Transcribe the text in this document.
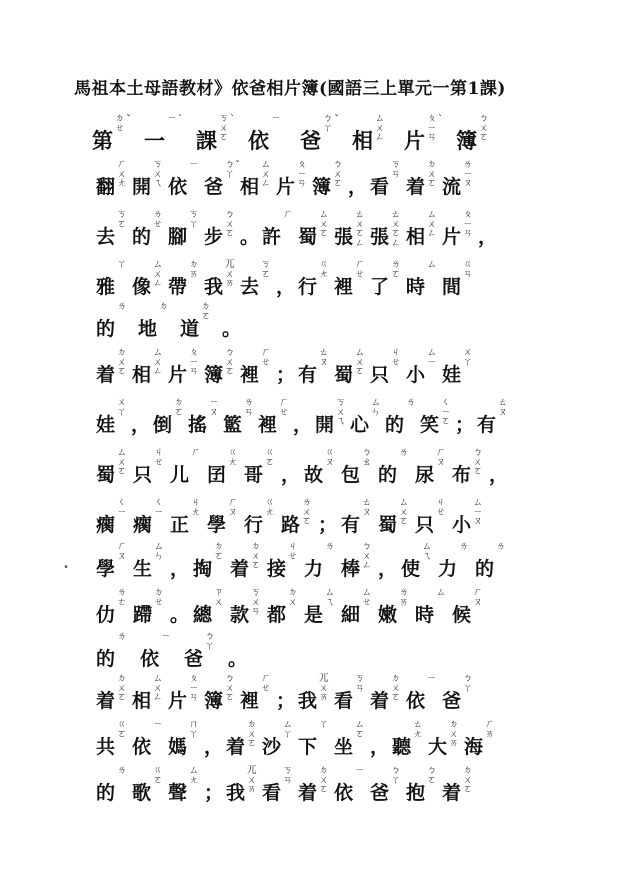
馬祖本土母語教材》依爸相片簿(國語三上單元一第1課)
第
ㄉ
ㄝ
ˇ
一
ㄧ ˋ
課
ㄎ
ㄨ
ㄛ
ˋ
依
ㄧ
爸
ㄅ
ㄚ
ˇ
相
ㄙ
ㄨ
ㄥ 片
ㄆ
ㄧ
ㄢ
ˋ
簿
ㄅ
ㄨ
ㄛ
翻
ㄏ
ㄨ
ㄤ 開
ㄎ
ㄨ
ㄟ 依
ㄧ
爸
ㄅ
ㄚ
ˇ
相
ㄙ
ㄨ
ㄥ 片
ㄆ
ㄧ
ㄢ 簿
ㄅ
ㄨ
ㄛ ， 看
ㄎ
ㄢ
着
ㄉ
ㄨ
ㄛ 流
ㄌ
ㄧ
ㄡ
去
ㄎ
ㄛ
的
ㄌ
ㄝ
腳
ㄎ
ㄚ
步
ㄅ
ㄨ
ㄛ 。 許
ㄏ
蜀
ㄙ
ㄨ
ㄛ 張
ㄊ
ㄨ
ㄛ
ㄥ 張
ㄊ
ㄨ
ㄛ
ㄥ 相
ㄙ
ㄨ
ㄥ 片
ㄆ
ㄧ
ㄢ ，
雅
ㄚ
像
ㄙ
ㄨ
ㄥ 帶
ㄉ
ㄞ
我
ㄫ
ㄨ
ㄞ 去
ㄎ
ㄛ
， 行
ㄍ
ㄤ
裡
ㄏ
ㄝ
了
ㄌ
ㄛ
時
ㄙ
間
ㄍ
ㄢ
的
ㄌ
地
ㄉ
道
ㄉ
ㄛ
。
着
ㄉ
ㄨ
ㄛ 相
ㄙ
ㄨ
ㄥ 片
ㄆ
ㄧ
ㄢ 簿
ㄅ
ㄨ
ㄛ 裡
ㄏ
ㄝ
； 有
ㄊ
ㄡ
蜀
ㄙ
ㄨ
ㄛ 只
ㄐ
ㄝ
小
ㄙ
ㄧ
娃
ㄨ
ㄚ
娃
ㄨ
ㄚ
， 倒
ㄉ
ㄛ
搖
ㄧ
ㄡ
籃
ㄌ
ㄢ
裡
ㄏ
ㄝ
， 開
ㄎ
ㄨ
ㄟ 心
ㄙ
ㄣ
的
ㄌ
笑
ㄑ
ㄧ
ㄛ ； 有
ㄊ
ㄡ
蜀
ㄙ
ㄨ
ㄛ 只
ㄐ
ㄝ
儿
ㄏ
囝
ㄍ
ㄤ
哥
ㄍ
ㄛ
， 故
ㄍ
ㄡ
包
ㄅ
ㄠ
的
ㄌ
尿
ㄏ
ㄡ
布
ㄅ
ㄨ
ㄛ ，
瘸
ㄑ
ㄧ
瘸
ㄑ
ㄧ
正
ㄐ
ㄤ
學
ㄏ
ㄡ
行
ㄍ
ㄤ
路
ㄌ
ㄨ
ㄛ ； 有
ㄊ
ㄡ
蜀
ㄙ
ㄨ
ㄛ 只
ㄐ
ㄝ
小
ㄙ
ㄧ
ㄡ
學
ㄏ
ㄡ
生
ㄙ
ㄣ
， 掏
ㄉ
ㄛ
着
ㄉ
ㄨ
ㄛ 接
ㄐ
ㄝ
力
ㄌ
棒
ㄅ
ㄨ
ㄥ ， 使
ㄙ
ㄟ
力
ㄌ
的
ㄌ
仂
ㄌ
ㄜ
蹛
ㄉ
ㄝ
。 總
ㄗ
ㄨ
款
ㄎ
ㄨ
ㄢ 都
ㄉ
ㄨ
是
ㄙ
ㄟ
細
ㄙ
ㄝ
嫩
ㄌ
ㄞ
時
ㄙ
候
ㄏ
ㄡ
的
ㄌ
依
ㄧ
爸
ㄅ
ㄚ
。
着
ㄉ
ㄨ
ㄛ 相
ㄙ
ㄨ
ㄥ 片
ㄆ
ㄧ
ㄢ 簿
ㄅ
ㄨ
ㄛ 裡
ㄏ
ㄝ
； 我
ㄫ
ㄨ
ㄞ 看
ㄎ
ㄢ
着
ㄉ
ㄨ
ㄛ 依
ㄧ
爸
ㄅ
ㄚ
共
ㄍ
ㄛ
依
ㄧ
媽
ㄇ
ㄚ
， 着
ㄉ
ㄨ
ㄛ 沙
ㄙ
ㄚ
下
ㄚ
坐
ㄙ
ㄛ
， 聽
ㄊ
ㄤ
大
ㄉ
ㄨ
ㄞ 海
ㄏ
ㄞ
的
ㄌ
歌
ㄍ
ㄛ
聲
ㄙ
ㄤ
； 我
ㄫ
ㄨ
ㄞ 看
ㄎ
ㄢ
着
ㄉ
ㄨ
ㄛ 依
ㄧ
爸
ㄅ
ㄚ
抱
ㄅ
ㄛ
着
ㄉ
ㄨ
ㄛ
˙
